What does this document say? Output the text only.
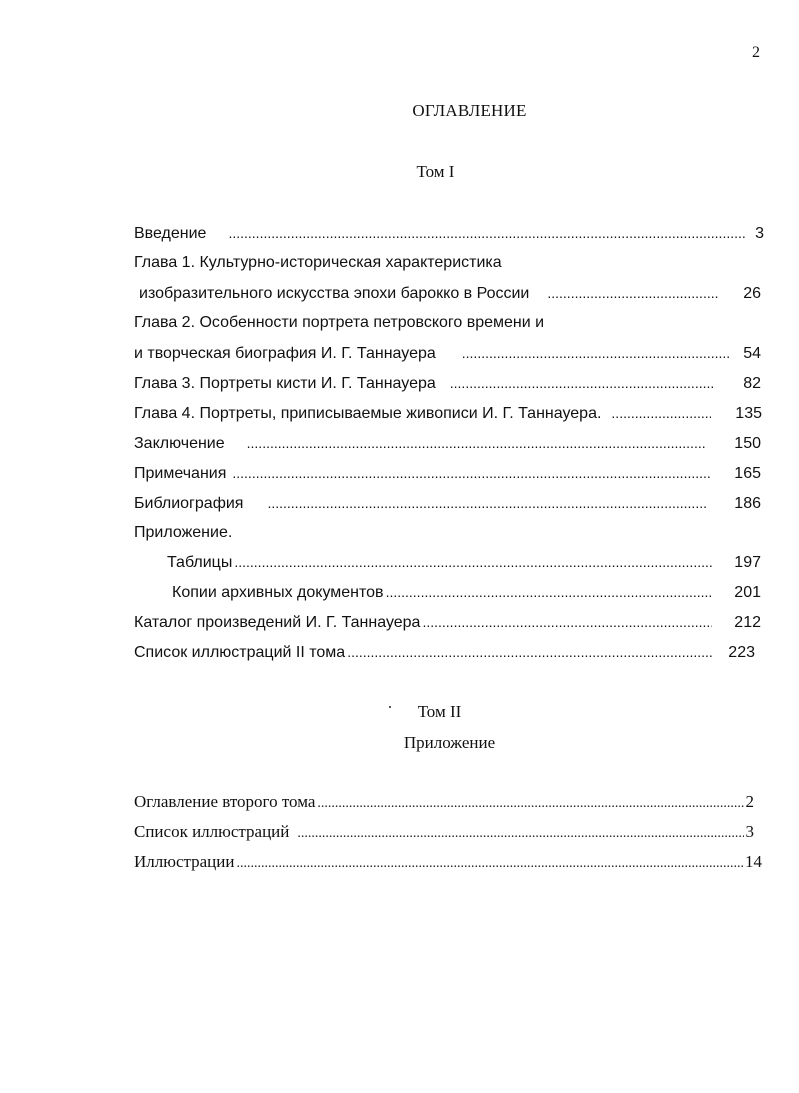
2
ОГЛАВЛЕНИЕ
Том I
Введение .....	3
Глава 1. Культурно-историческая характеристика
изобразительного искусства эпохи барокко в России .....	26
Глава 2. Особенности портрета петровского времени и
и творческая биография И. Г. Таннауера .....	54
Глава 3. Портреты кисти И. Г. Таннауера .....	82
Глава 4. Портреты, приписываемые живописи И. Г. Таннауера. .....	135
Заключение .....	150
Примечания .....	165
Библиография .....	186
Приложение.
Таблицы .....	197
Копии архивных документов .....	201
Каталог произведений И. Г. Таннауера .....	212
Список иллюстраций II тома .....	223
Том II
Приложение
Оглавление второго тома .....	2
Список иллюстраций .....	3
Иллюстрации .....	14
